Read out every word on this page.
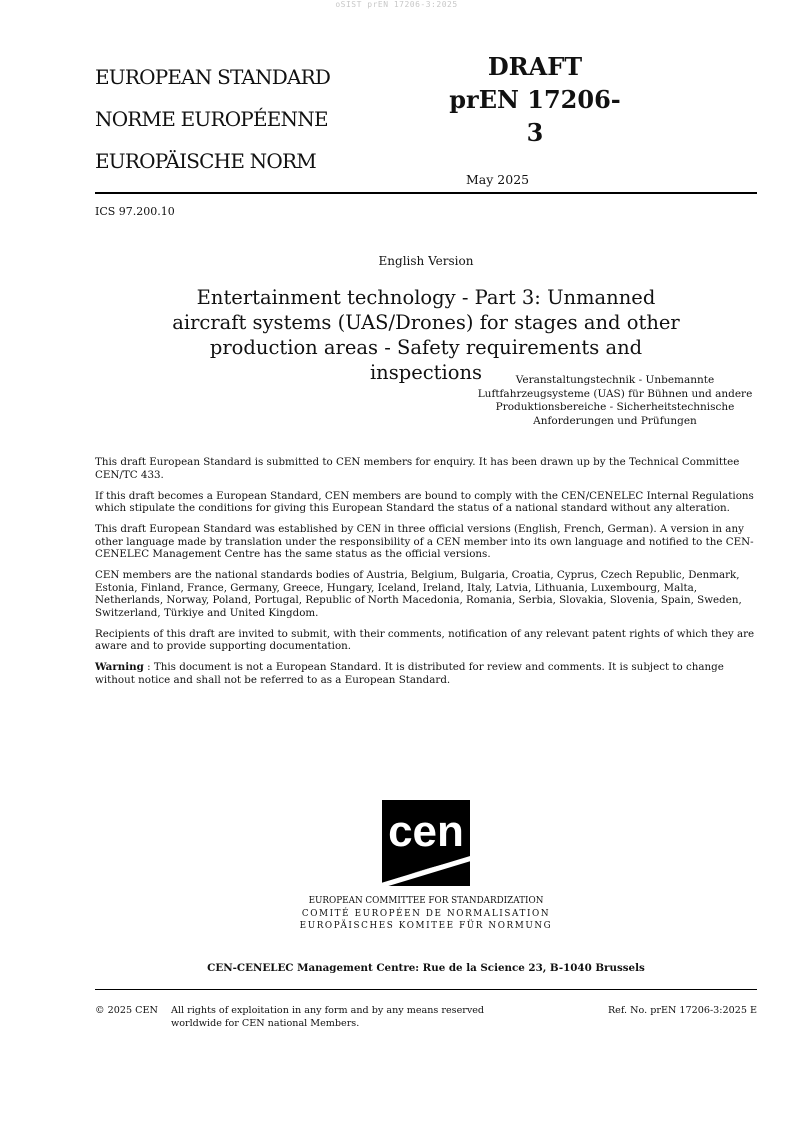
oSIST prEN 17206-3:2025
EUROPEAN STANDARD
NORME EUROPÉENNE
EUROPÄISCHE NORM
DRAFT
prEN 17206-3
May 2025
ICS 97.200.10
English Version
Entertainment technology - Part 3: Unmanned aircraft systems (UAS/Drones) for stages and other production areas - Safety requirements and inspections	Veranstaltungstechnik - Unbemannte Luftfahrzeugsysteme (UAS) für Bühnen und andere Produktionsbereiche - Sicherheitstechnische Anforderungen und Prüfungen

This draft European Standard is submitted to CEN members for enquiry. It has been drawn up by the Technical Committee CEN/TC 433.

If this draft becomes a European Standard, CEN members are bound to comply with the CEN/CENELEC Internal Regulations which stipulate the conditions for giving this European Standard the status of a national standard without any alteration.

This draft European Standard was established by CEN in three official versions (English, French, German). A version in any other language made by translation under the responsibility of a CEN member into its own language and notified to the CEN-CENELEC Management Centre has the same status as the official versions.

CEN members are the national standards bodies of Austria, Belgium, Bulgaria, Croatia, Cyprus, Czech Republic, Denmark, Estonia, Finland, France, Germany, Greece, Hungary, Iceland, Ireland, Italy, Latvia, Lithuania, Luxembourg, Malta, Netherlands, Norway, Poland, Portugal, Republic of North Macedonia, Romania, Serbia, Slovakia, Slovenia, Spain, Sweden, Switzerland, Türkiye and United Kingdom.

Recipients of this draft are invited to submit, with their comments, notification of any relevant patent rights of which they are aware and to provide supporting documentation.

Warning : This document is not a European Standard. It is distributed for review and comments. It is subject to change without notice and shall not be referred to as a European Standard.

cen
EUROPEAN COMMITTEE FOR STANDARDIZATION
COMITÉ EUROPÉEN DE NORMALISATION
EUROPÄISCHES KOMITEE FÜR NORMUNG
CEN-CENELEC Management Centre: Rue de la Science 23, B-1040 Brussels
© 2025 CEN All rights of exploitation in any form and by any means reserved
worldwide for CEN national Members.
Ref. No. prEN 17206-3:2025 E
